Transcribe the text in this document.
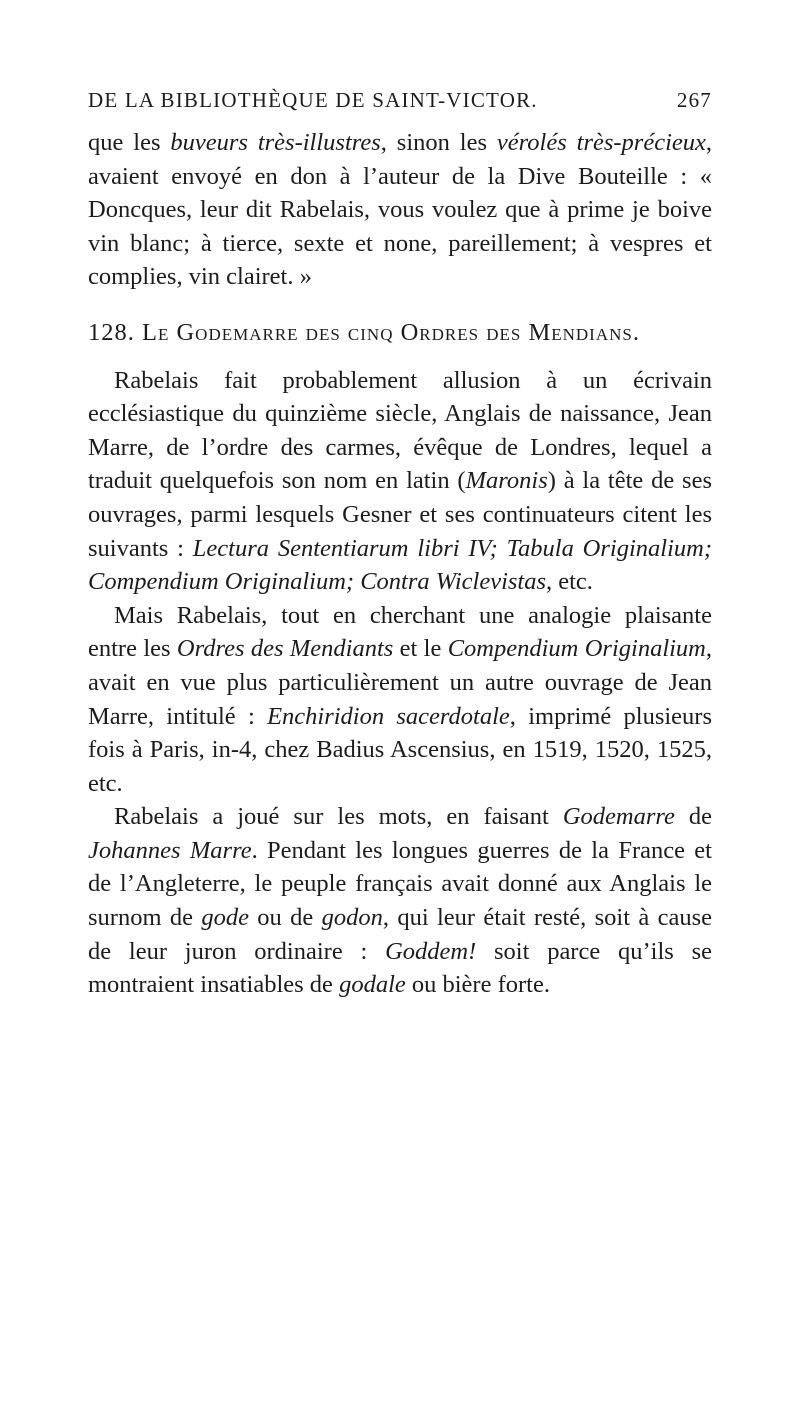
DE LA BIBLIOTHÈQUE DE SAINT-VICTOR.	267

que les buveurs très-illustres, sinon les vérolés très-précieux, avaient envoyé en don à l’auteur de la Dive Bouteille : « Doncques, leur dit Rabelais, vous voulez que à prime je boive vin blanc; à tierce, sexte et none, pareillement; à vespres et complies, vin clairet. »

128. Le Godemarre des cinq Ordres des Mendians.

Rabelais fait probablement allusion à un écrivain ecclésiastique du quinzième siècle, Anglais de naissance, Jean Marre, de l’ordre des carmes, évêque de Londres, lequel a traduit quelquefois son nom en latin (Maronis) à la tête de ses ouvrages, parmi lesquels Gesner et ses continuateurs citent les suivants : Lectura Sententiarum libri IV; Tabula Originalium; Compendium Originalium; Contra Wiclevistas, etc.

Mais Rabelais, tout en cherchant une analogie plaisante entre les Ordres des Mendiants et le Compendium Originalium, avait en vue plus particulièrement un autre ouvrage de Jean Marre, intitulé : Enchiridion sacerdotale, imprimé plusieurs fois à Paris, in-4, chez Badius Ascensius, en 1519, 1520, 1525, etc.

Rabelais a joué sur les mots, en faisant Godemarre de Johannes Marre. Pendant les longues guerres de la France et de l’Angleterre, le peuple français avait donné aux Anglais le surnom de gode ou de godon, qui leur était resté, soit à cause de leur juron ordinaire : Goddem! soit parce qu’ils se montraient insatiables de godale ou bière forte.
